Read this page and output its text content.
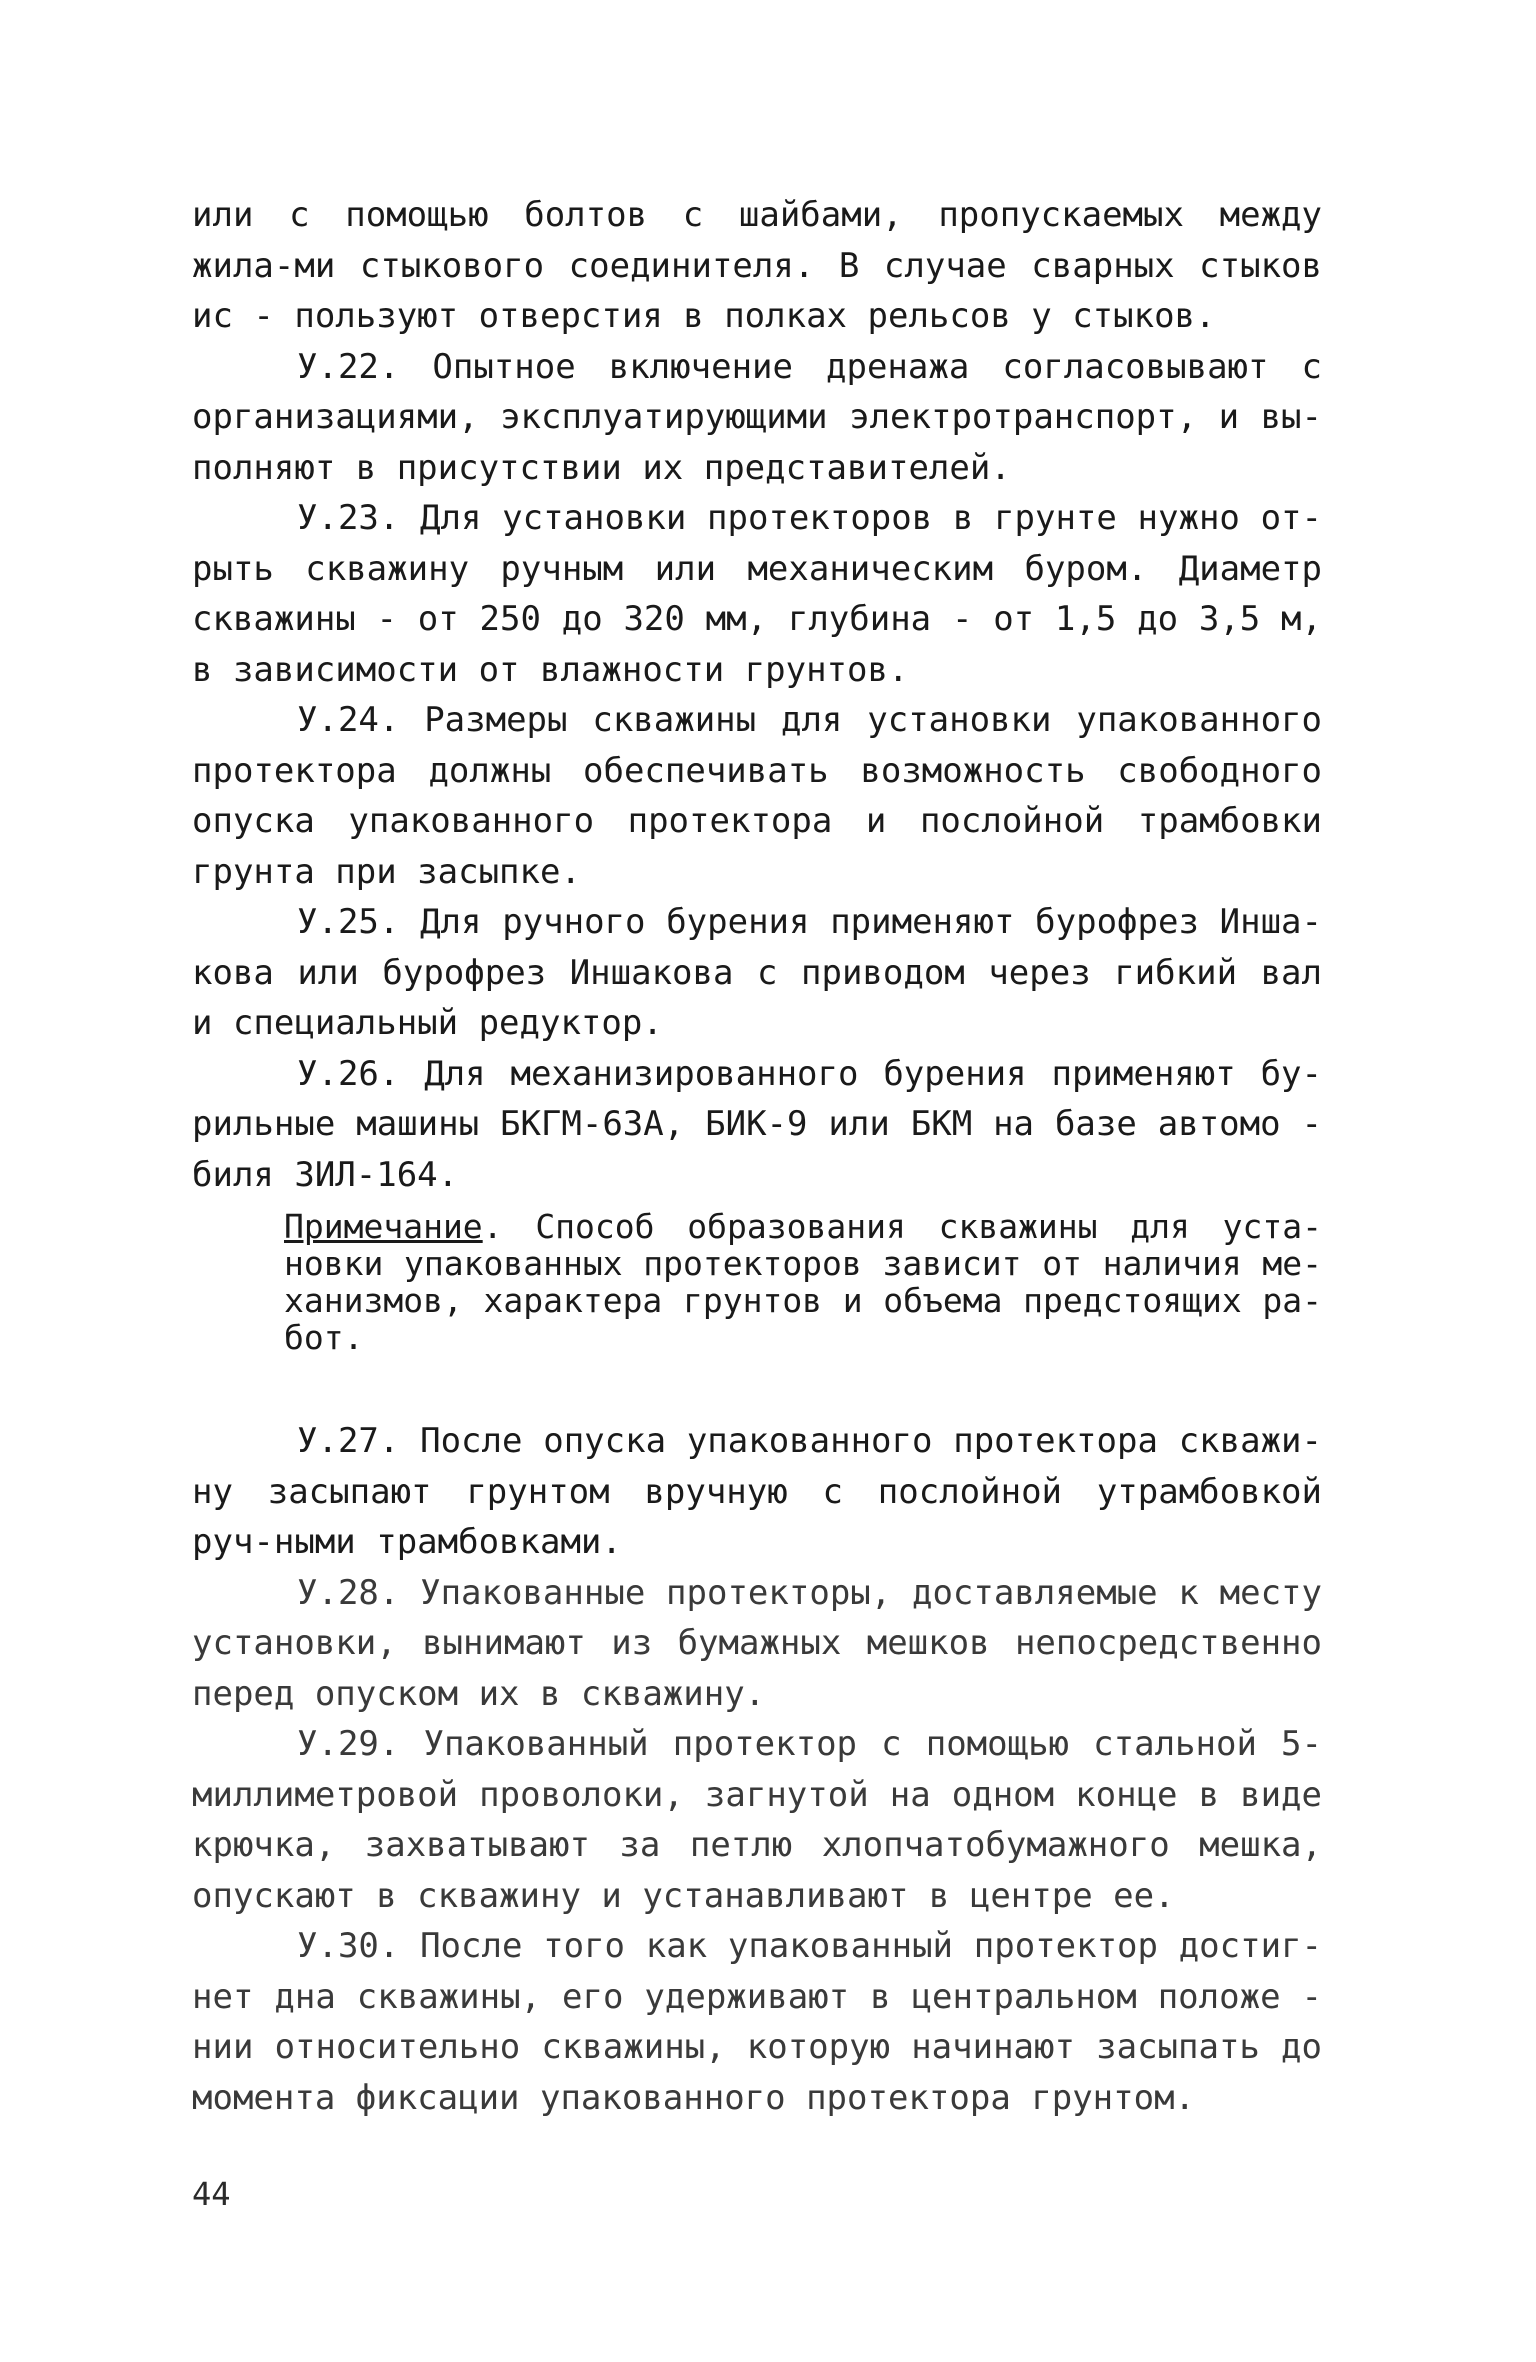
или с помощью болтов с шайбами, пропускаемых между жила-ми стыкового соединителя. В случае сварных стыков ис - пользуют отверстия в полках рельсов у стыков.

У.22. Опытное включение дренажа согласовывают с организациями, эксплуатирующими электротранспорт, и вы-полняют в присутствии их представителей.

У.23. Для установки протекторов в грунте нужно от-рыть скважину ручным или механическим буром. Диаметр скважины - от 250 до 320 мм, глубина - от 1,5 до 3,5 м, в зависимости от влажности грунтов.

У.24. Размеры скважины для установки упакованного протектора должны обеспечивать возможность свободного опуска упакованного протектора и послойной трамбовки грунта при засыпке.

У.25. Для ручного бурения применяют бурофрез Инша-кова или бурофрез Иншакова с приводом через гибкий вал и специальный редуктор.

У.26. Для механизированного бурения применяют бу-рильные машины БКГМ-63А, БИК-9 или БКМ на базе автомо - биля ЗИЛ-164.

Примечание. Способ образования скважины для уста-новки упакованных протекторов зависит от наличия ме-ханизмов, характера грунтов и объема предстоящих ра-бот.

У.27. После опуска упакованного протектора скважи-ну засыпают грунтом вручную с послойной утрамбовкой руч-ными трамбовками.

У.28. Упакованные протекторы, доставляемые к месту установки, вынимают из бумажных мешков непосредственно перед опуском их в скважину.

У.29. Упакованный протектор с помощью стальной 5-миллиметровой проволоки, загнутой на одном конце в виде крючка, захватывают за петлю хлопчатобумажного мешка, опускают в скважину и устанавливают в центре ее.

У.30. После того как упакованный протектор достиг-нет дна скважины, его удерживают в центральном положе - нии относительно скважины, которую начинают засыпать до момента фиксации упакованного протектора грунтом.

44
